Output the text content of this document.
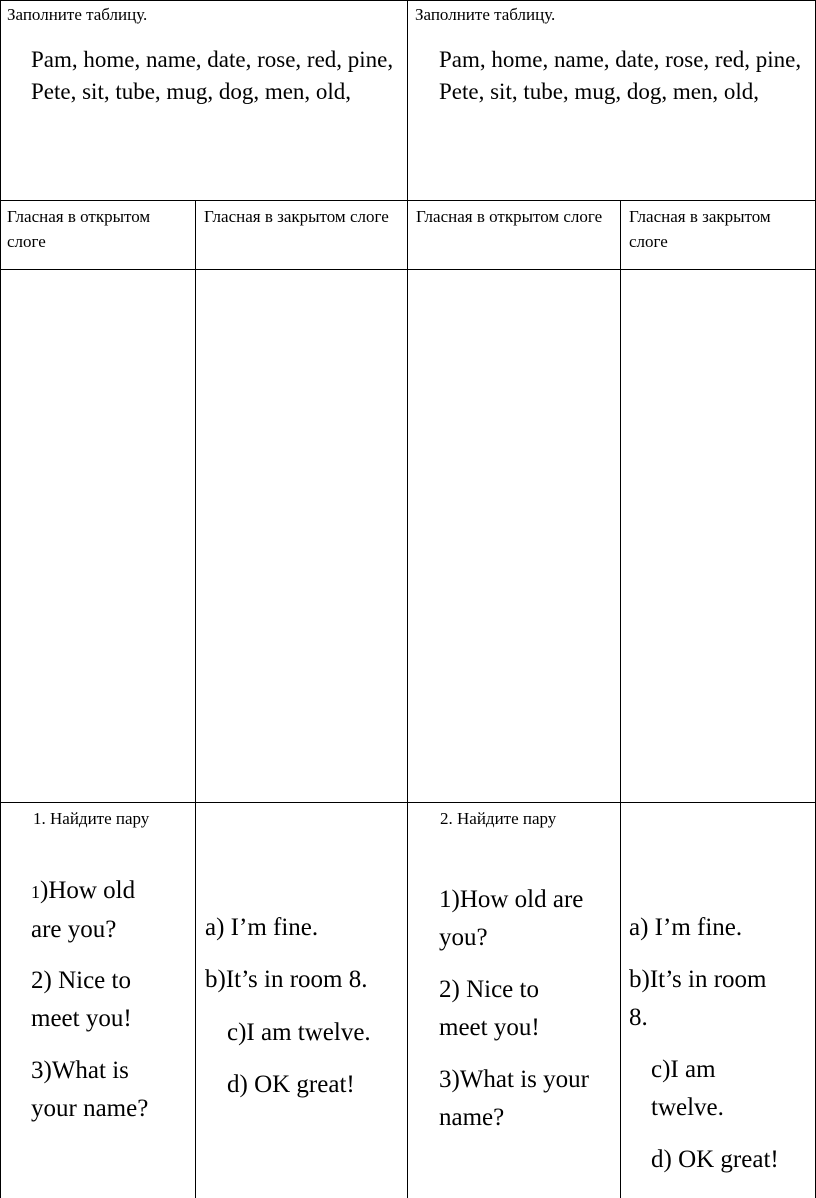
Заполните таблицу.
Pam, home, name, date, rose, red, pine, Pete, sit, tube, mug, dog, men, old,
Заполните таблицу.
Pam, home, name, date, rose, red, pine, Pete, sit, tube, mug, dog, men, old,
Гласная в открытом слоге
Гласная в закрытом слоге	Гласная в открытом слоге	Гласная в закрытом слоге
1. Найдите пару
1)How old
are you?
2) Nice to
meet you!
3)What is
your name?
a) I’m fine.
b)It’s in room 8.
c)I am twelve.
d) OK great!
2. Найдите пару
1)How old are
you?
2) Nice to
meet you!
3)What is your
name?
a) I’m fine.
b)It’s in room
8.
c)I am
twelve.
d) OK great!
